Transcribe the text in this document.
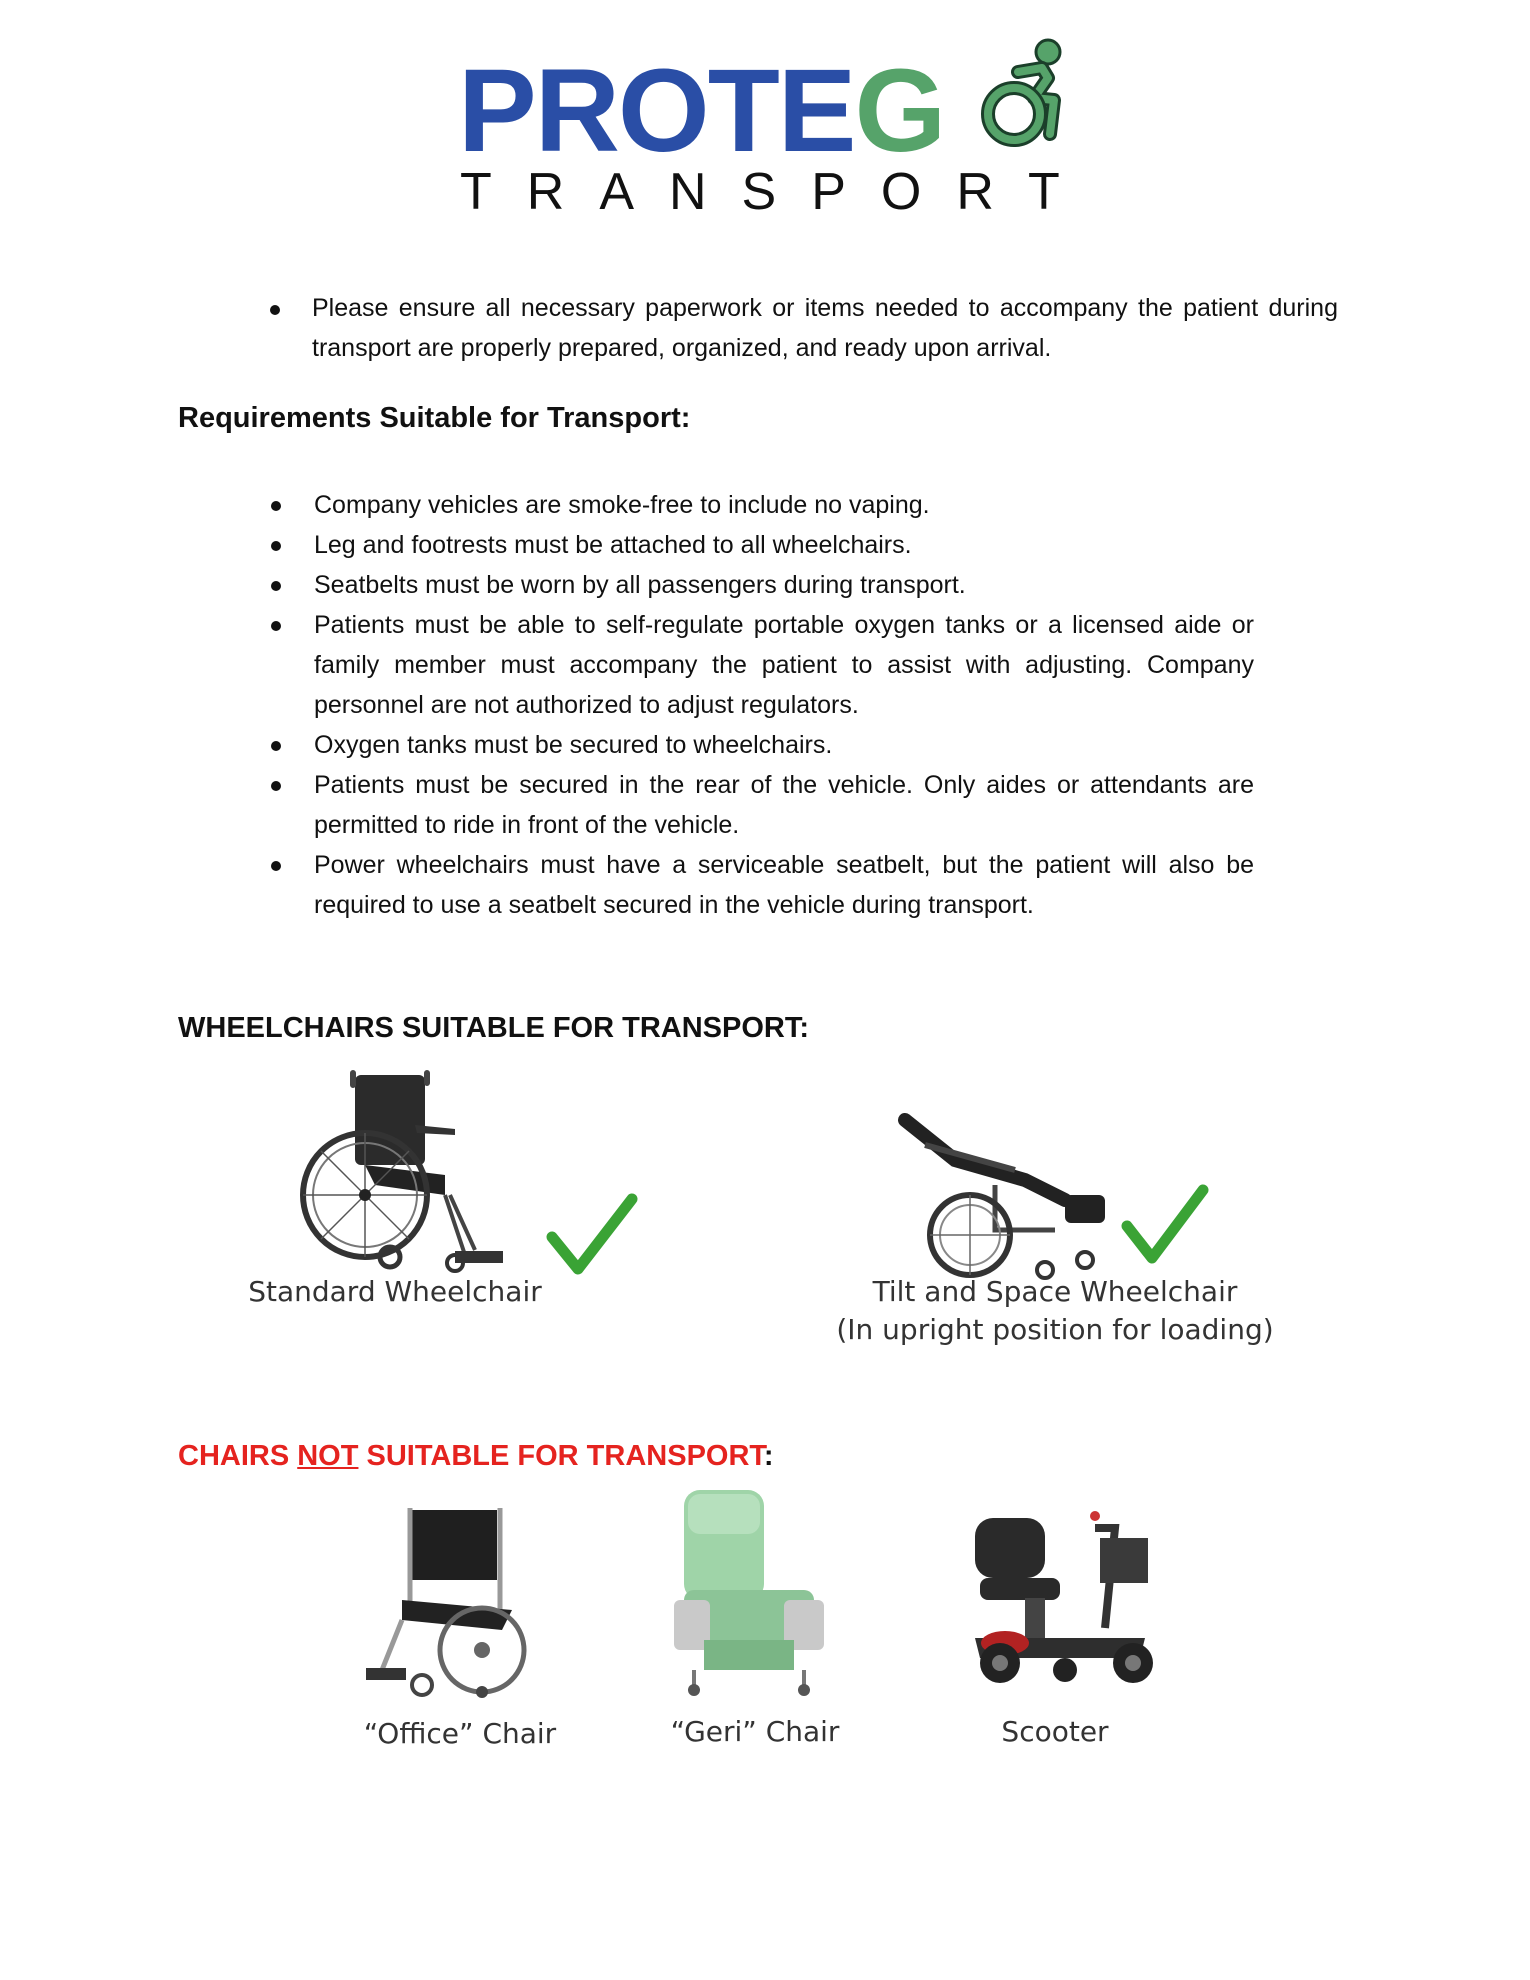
PROTEG
TRANSPORT
Please ensure all necessary paperwork or items needed to accompany the patient during transport are properly prepared, organized, and ready upon arrival.
Requirements Suitable for Transport:
Company vehicles are smoke-free to include no vaping.
Leg and footrests must be attached to all wheelchairs.
Seatbelts must be worn by all passengers during transport.
Patients must be able to self-regulate portable oxygen tanks or a licensed aide or family member must accompany the patient to assist with adjusting. Company personnel are not authorized to adjust regulators.
Oxygen tanks must be secured to wheelchairs.
Patients must be secured in the rear of the vehicle. Only aides or attendants are permitted to ride in front of the vehicle.
Power wheelchairs must have a serviceable seatbelt, but the patient will also be required to use a seatbelt secured in the vehicle during transport.
WHEELCHAIRS SUITABLE FOR TRANSPORT:
Standard Wheelchair	Tilt and Space Wheelchair
(In upright position for loading)
CHAIRS NOT SUITABLE FOR TRANSPORT:
“Office” Chair	“Geri” Chair	Scooter
